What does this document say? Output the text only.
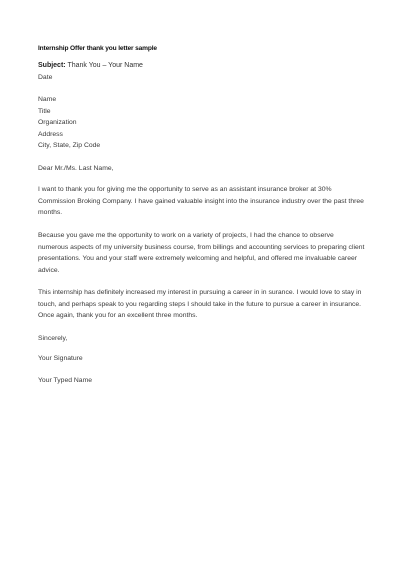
Internship Offer thank you letter sample
Subject: Thank You – Your Name
Date
Name
Title
Organization
Address
City, State, Zip Code
Dear Mr./Ms. Last Name,
I want to thank you for giving me the opportunity to serve as an assistant insurance broker at 30%
Commission Broking Company. I have gained valuable insight into the insurance industry over the past three
months.
Because you gave me the opportunity to work on a variety of projects, I had the chance to observe
numerous aspects of my university business course, from billings and accounting services to preparing client
presentations. You and your staff were extremely welcoming and helpful, and offered me invaluable career
advice.
This internship has definitely increased my interest in pursuing a career in in surance. I would love to stay in
touch, and perhaps speak to you regarding steps I should take in the future to pursue a career in insurance.
Once again, thank you for an excellent three months.
Sincerely,
Your Signature
Your Typed Name
